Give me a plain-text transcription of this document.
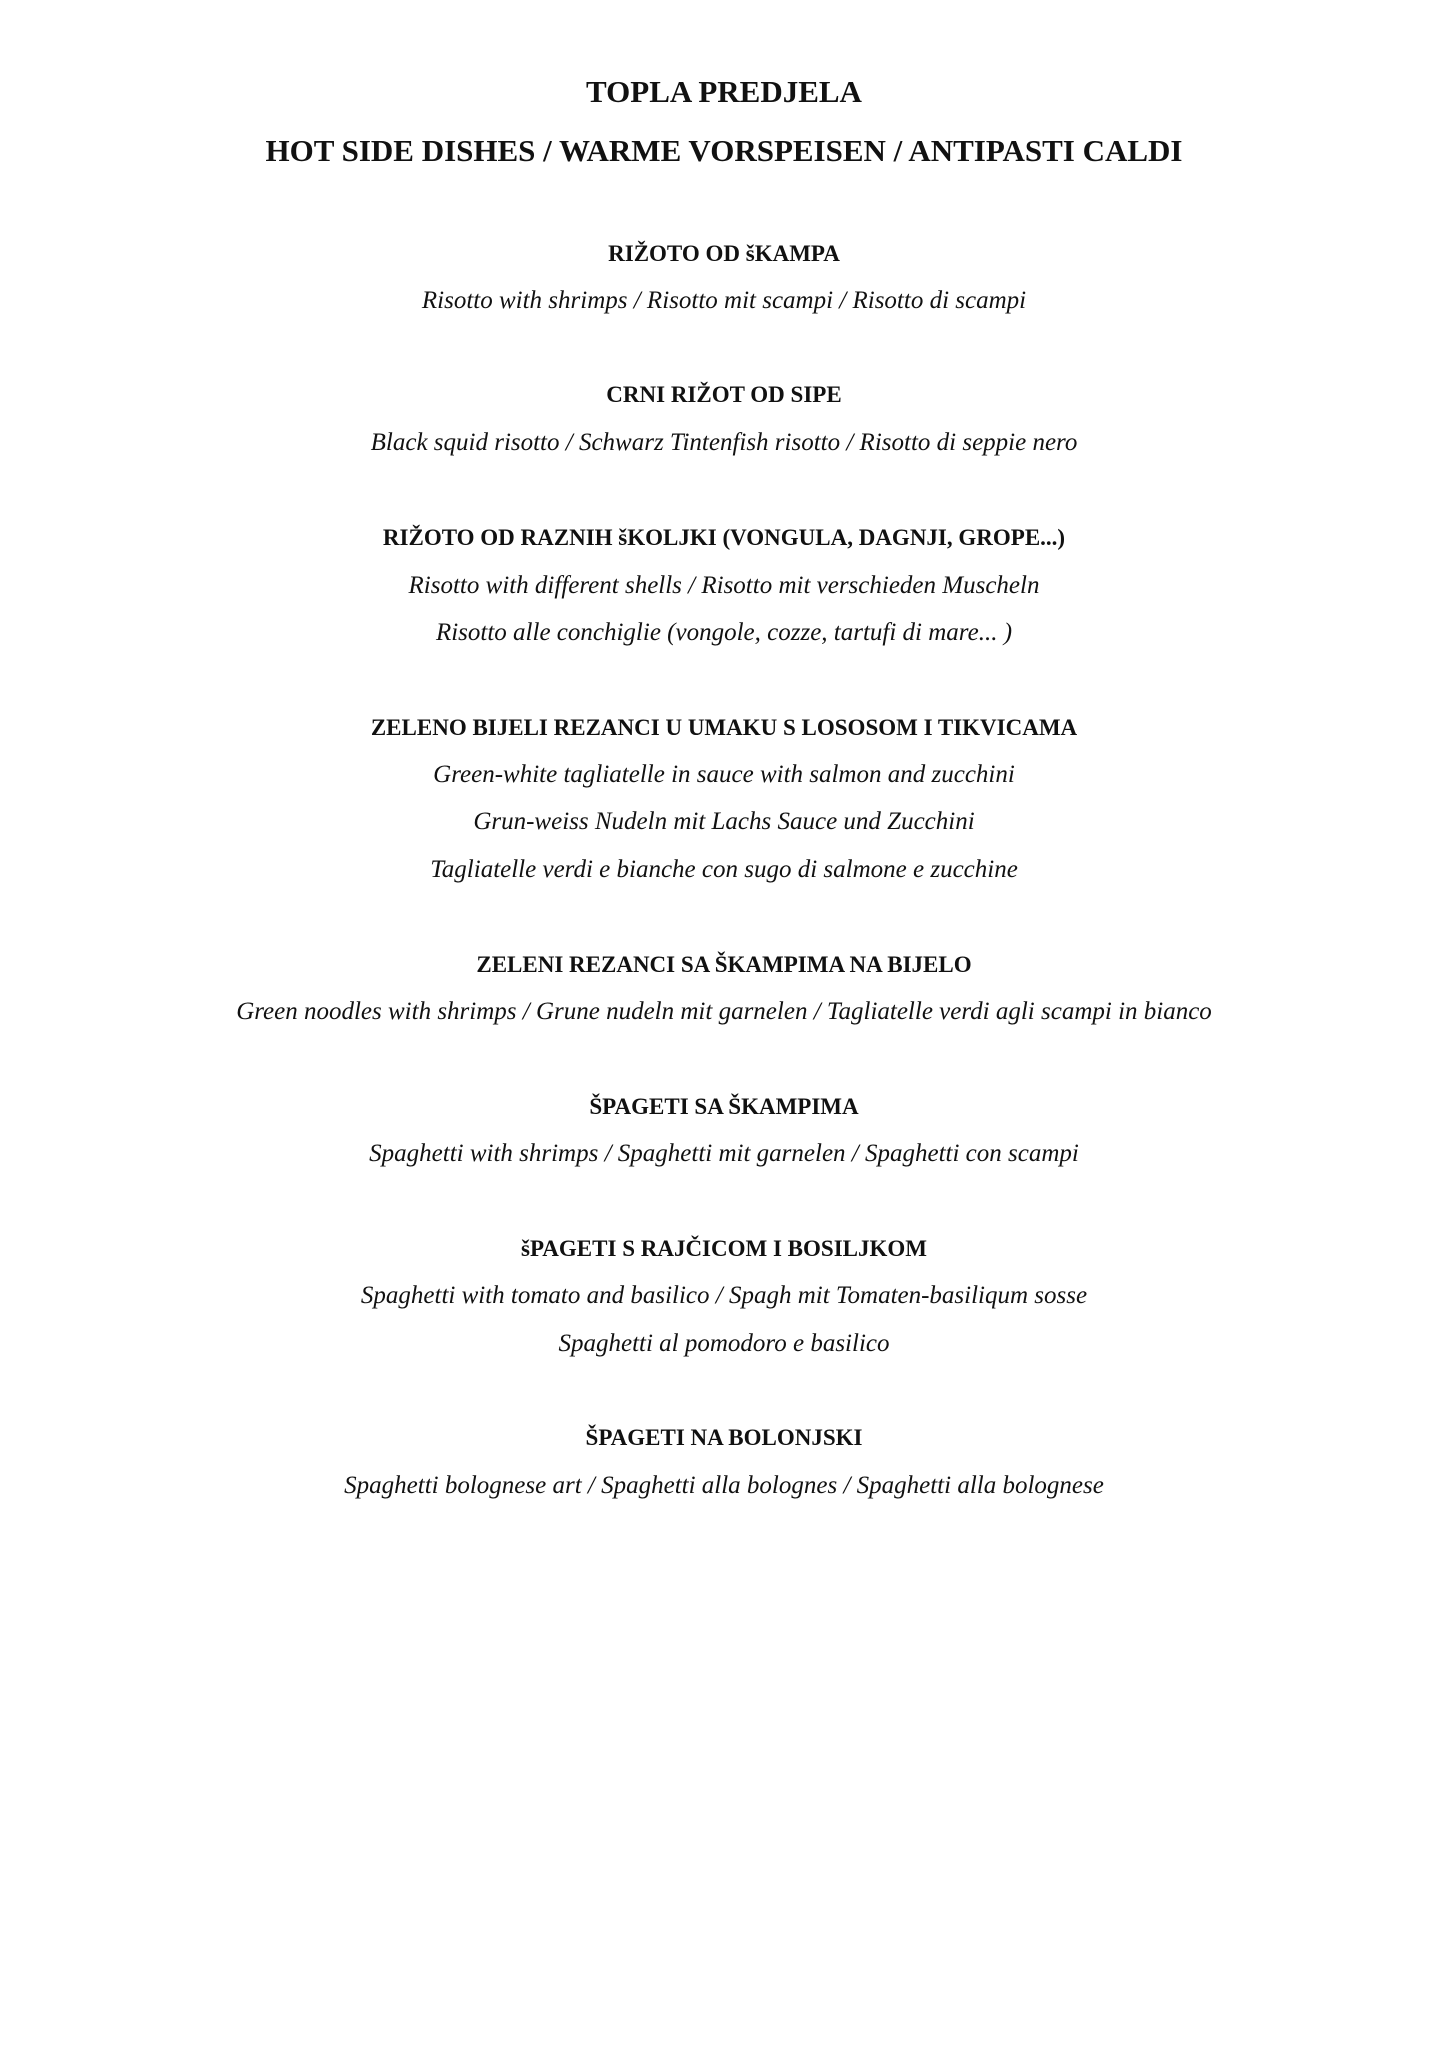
TOPLA PREDJELA
HOT SIDE DISHES / WARME VORSPEISEN / ANTIPASTI CALDI
RIŽOTO OD šKAMPA
Risotto with shrimps / Risotto mit scampi / Risotto di scampi
CRNI RIŽOT OD SIPE
Black squid risotto / Schwarz Tintenfish risotto / Risotto di seppie nero
RIŽOTO OD RAZNIH šKOLJKI (VONGULA, DAGNJI, GROPE...)
Risotto with different shells / Risotto mit verschieden Muscheln
Risotto alle conchiglie (vongole, cozze, tartufi di mare... )
ZELENO BIJELI REZANCI U UMAKU S LOSOSOM I TIKVICAMA
Green-white tagliatelle in sauce with salmon and zucchini
Grun-weiss Nudeln mit Lachs Sauce und Zucchini
Tagliatelle verdi e bianche con sugo di salmone e zucchine
ZELENI REZANCI SA ŠKAMPIMA NA BIJELO
Green noodles with shrimps / Grune nudeln mit garnelen / Tagliatelle verdi agli scampi in bianco
ŠPAGETI SA ŠKAMPIMA
Spaghetti with shrimps / Spaghetti mit garnelen / Spaghetti con scampi
šPAGETI S RAJČICOM I BOSILJKOM
Spaghetti with tomato and basilico / Spagh mit Tomaten-basiliqum sosse
Spaghetti al pomodoro e basilico
ŠPAGETI NA BOLONJSKI
Spaghetti bolognese art / Spaghetti alla bolognes / Spaghetti alla bolognese
